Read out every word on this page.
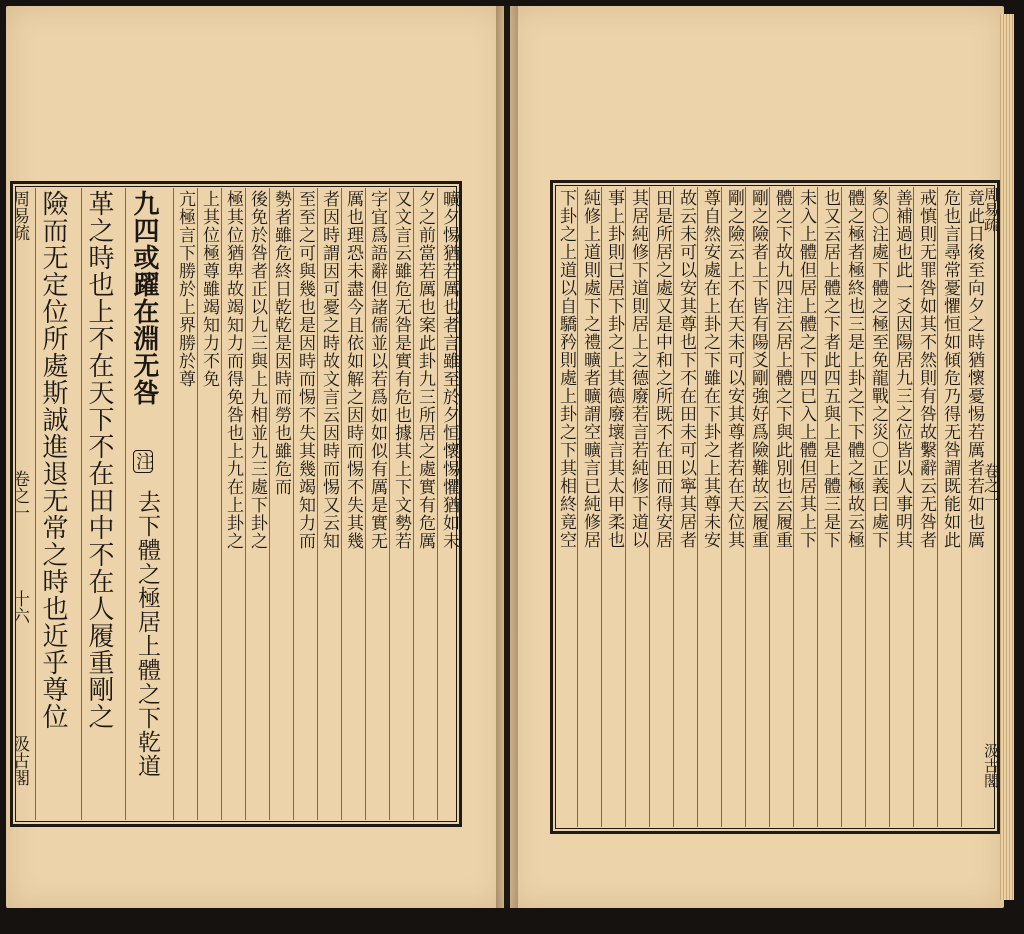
周易疏
卷之一
十六
汲古閣
險而无定位所處斯誠進退无常之時也近乎尊位 革之時也上不在天下不在田中不在人履重剛之 九四或躍在淵无咎
注
去下體之極居上體之下乾道
亢極言下勝於上界勝於尊 上其位極尊雖竭知力不免 極其位猶卑故竭知力而得免咎也上九在上卦之 後免於咎者正以九三與上九相並九三處下卦之 勢者雖危終日乾乾是因時而勞也雖危而 至至之可與幾也是因時而惕不失其幾竭知力而 者因時謂因可憂之時故文言云因時而惕又云知 厲也理恐未盡今且依如解之因時而惕不失其幾 字宜爲語辭但諸儒並以若爲如如似有厲是實无 又文言云雖危无咎是實有危也據其上下文勢若 夕之前當若厲也案此卦九三所居之處實有危厲 曠夕惕猶若厲也者言雖至於夕恒懷惕懼猶如未	下卦之上道以自驕矜則處上卦之下其相終竟空 純修上道則處下之禮曠者曠謂空曠言已純修居 事上卦則已居下卦之上其德廢壞言其太甲柔也 其居純修下道則居上之德廢若言若純修下道以 田是所居之處又是中和之所既不在田而得安居 故云未可以安其尊也下不在田未可以寧其居者 尊自然安處在上卦之下雖在下卦之上其尊未安 剛之險云上不在天未可以安其尊者若在天位其 剛之險者上下皆有陽爻剛強好爲險難故云履重 體之下故九四注云居上體之下與此別也云履重 未入上體但居上體之下四已入上體但居其上下 也又云居上體之下者此四五與上是上體三是下 體之極者極終也三是上卦之下下體之極故云極 象〇注處下體之極至免龍戰之災〇正義曰處下 善補過也此一爻因陽居九三之位皆以人事明其 戒慎則无罪咎如其不然則有咎故繫辭云无咎者 危也言尋常憂懼恒如傾危乃得无咎謂既能如此 竟此日後至向夕之時猶懷憂惕若厲者若如也厲
周易疏
卷之一
汲古閣
